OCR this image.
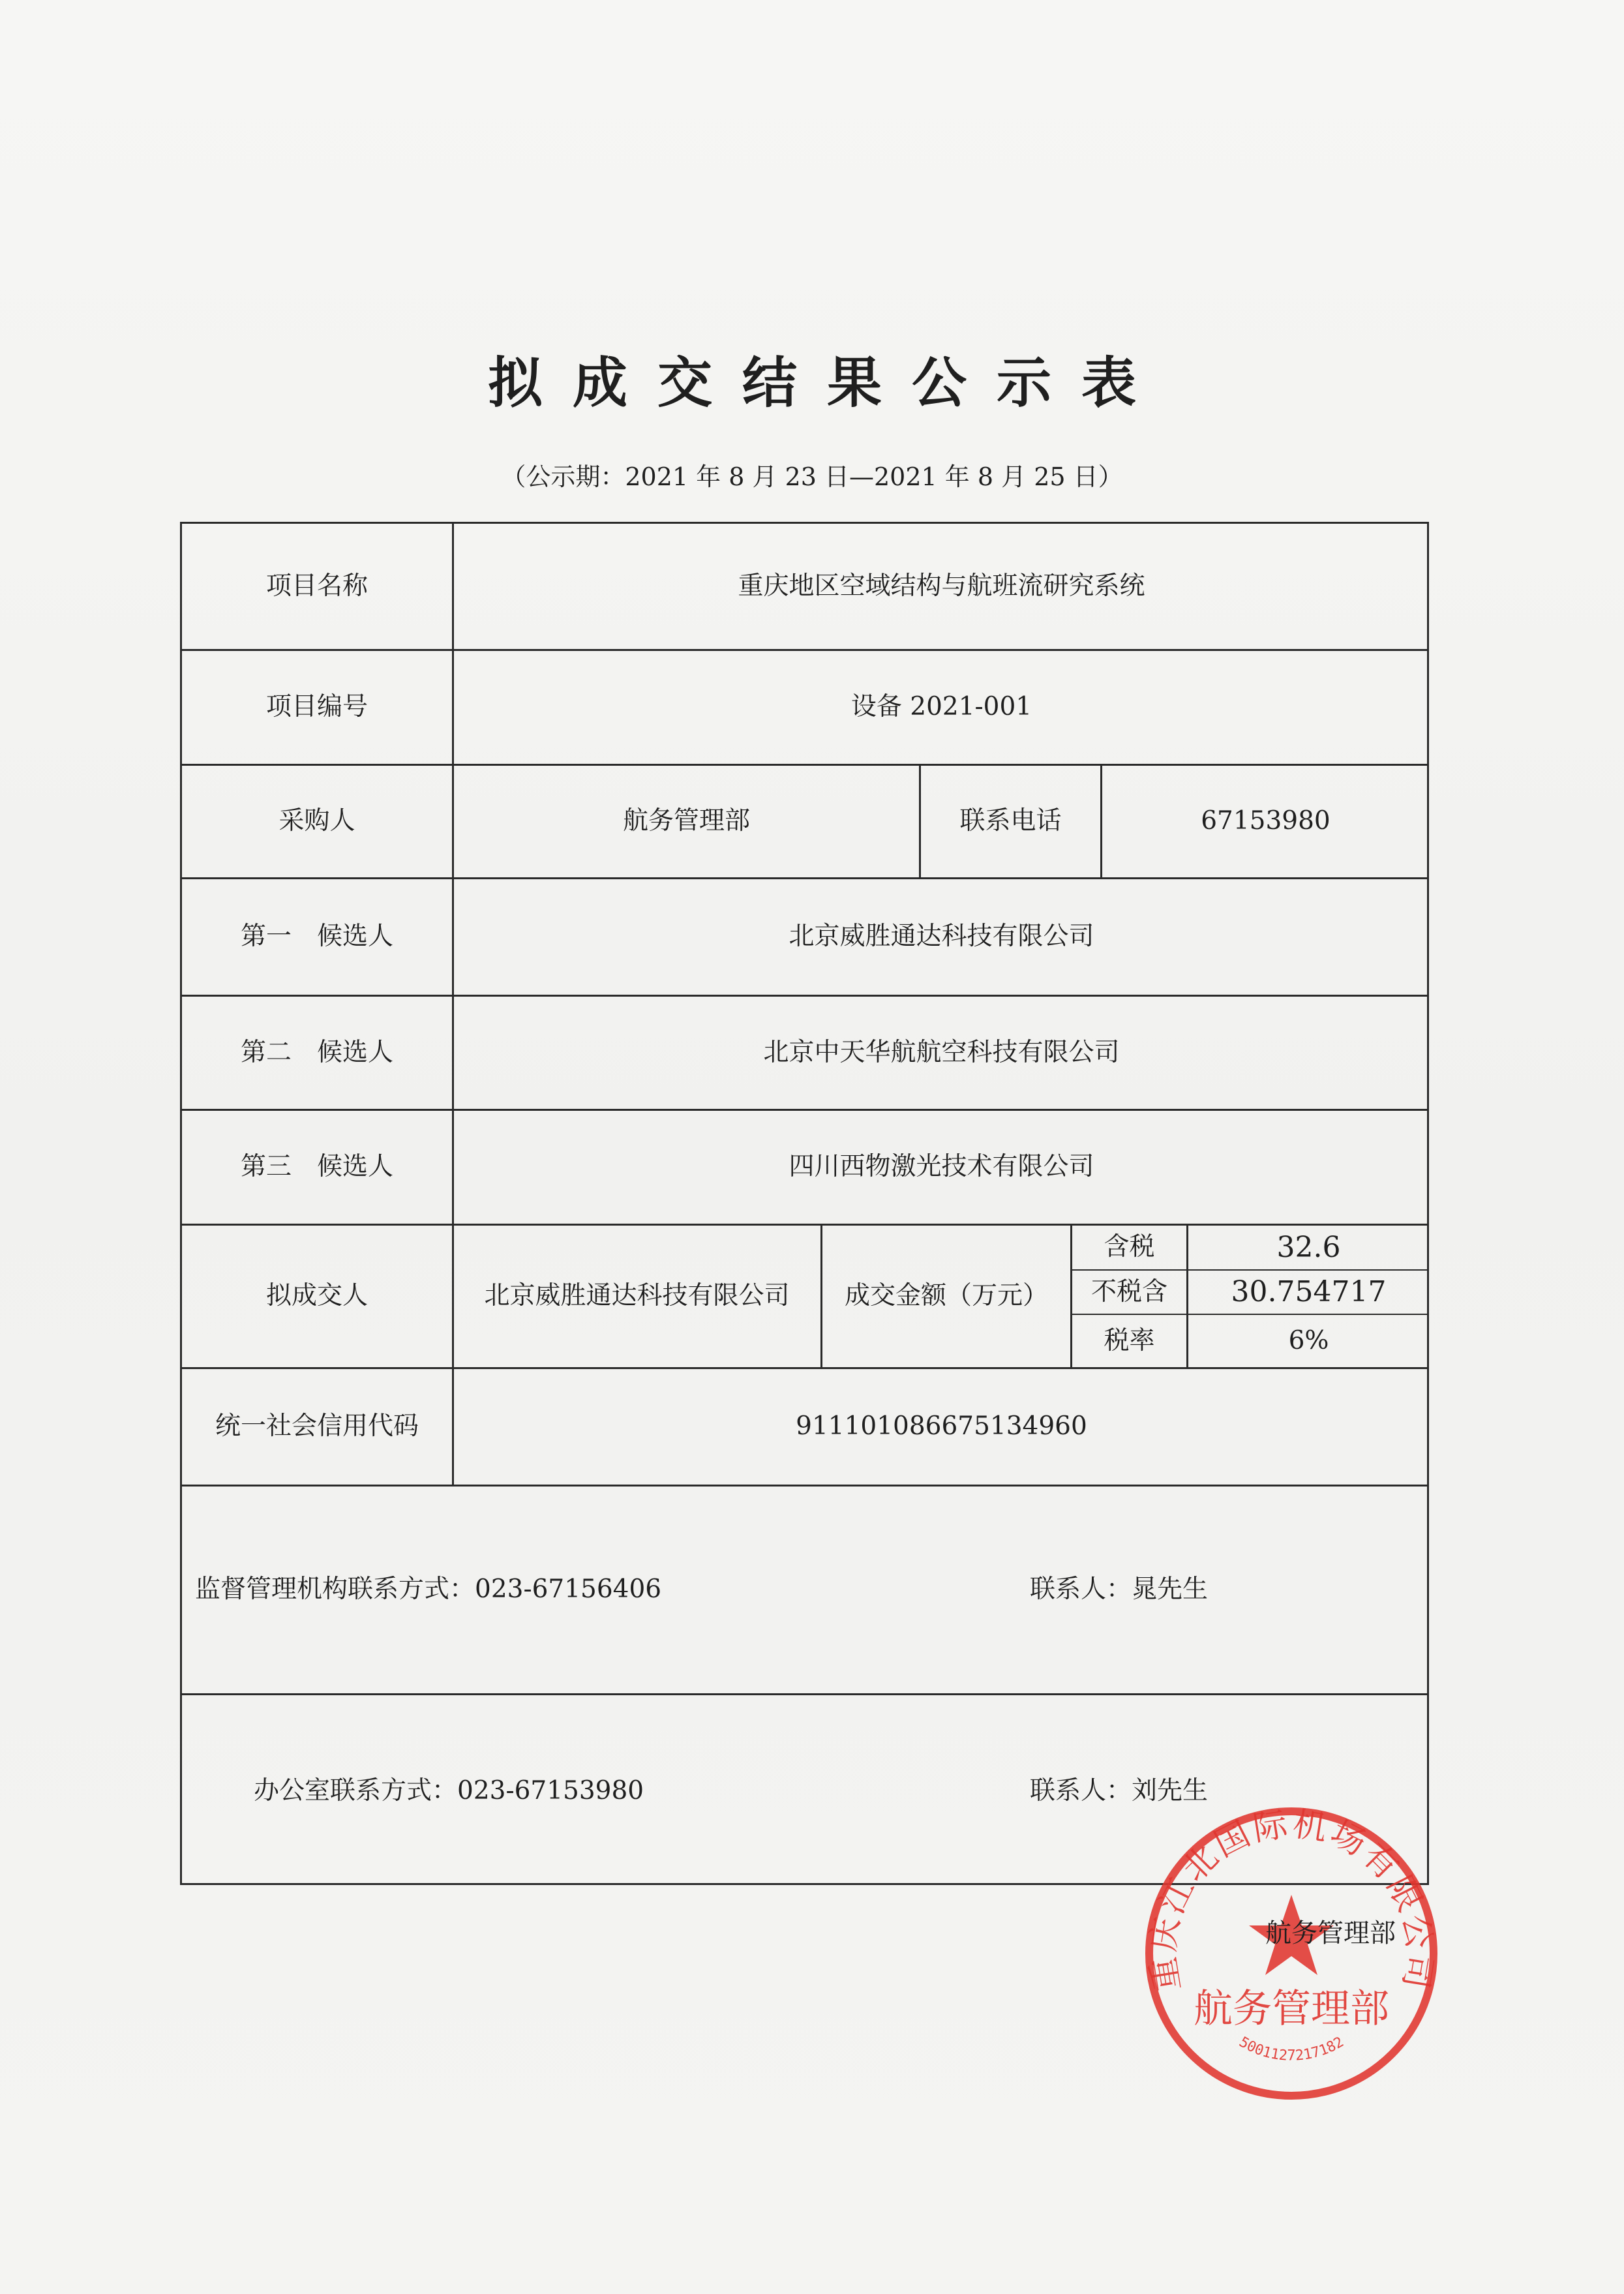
拟成交结果公示表
（公示期：2021 年 8 月 23 日—2021 年 8 月 25 日）
项目名称	重庆地区空域结构与航班流研究系统
项目编号	设备 2021-001
采购人	航务管理部	联系电话	67153980
第一　候选人	北京威胜通达科技有限公司
第二　候选人	北京中天华航航空科技有限公司
第三　候选人	四川西物激光技术有限公司
拟成交人	北京威胜通达科技有限公司	成交金额（万元）
含税	32.6
不税含	30.754717
税率	6%
统一社会信用代码	911101086675134960
监督管理机构联系方式：023-67156406	联系人：晁先生
办公室联系方式：023-67153980	联系人：刘先生
重庆江北国际机场有限公司
航务管理部
5001127217182
航务管理部
